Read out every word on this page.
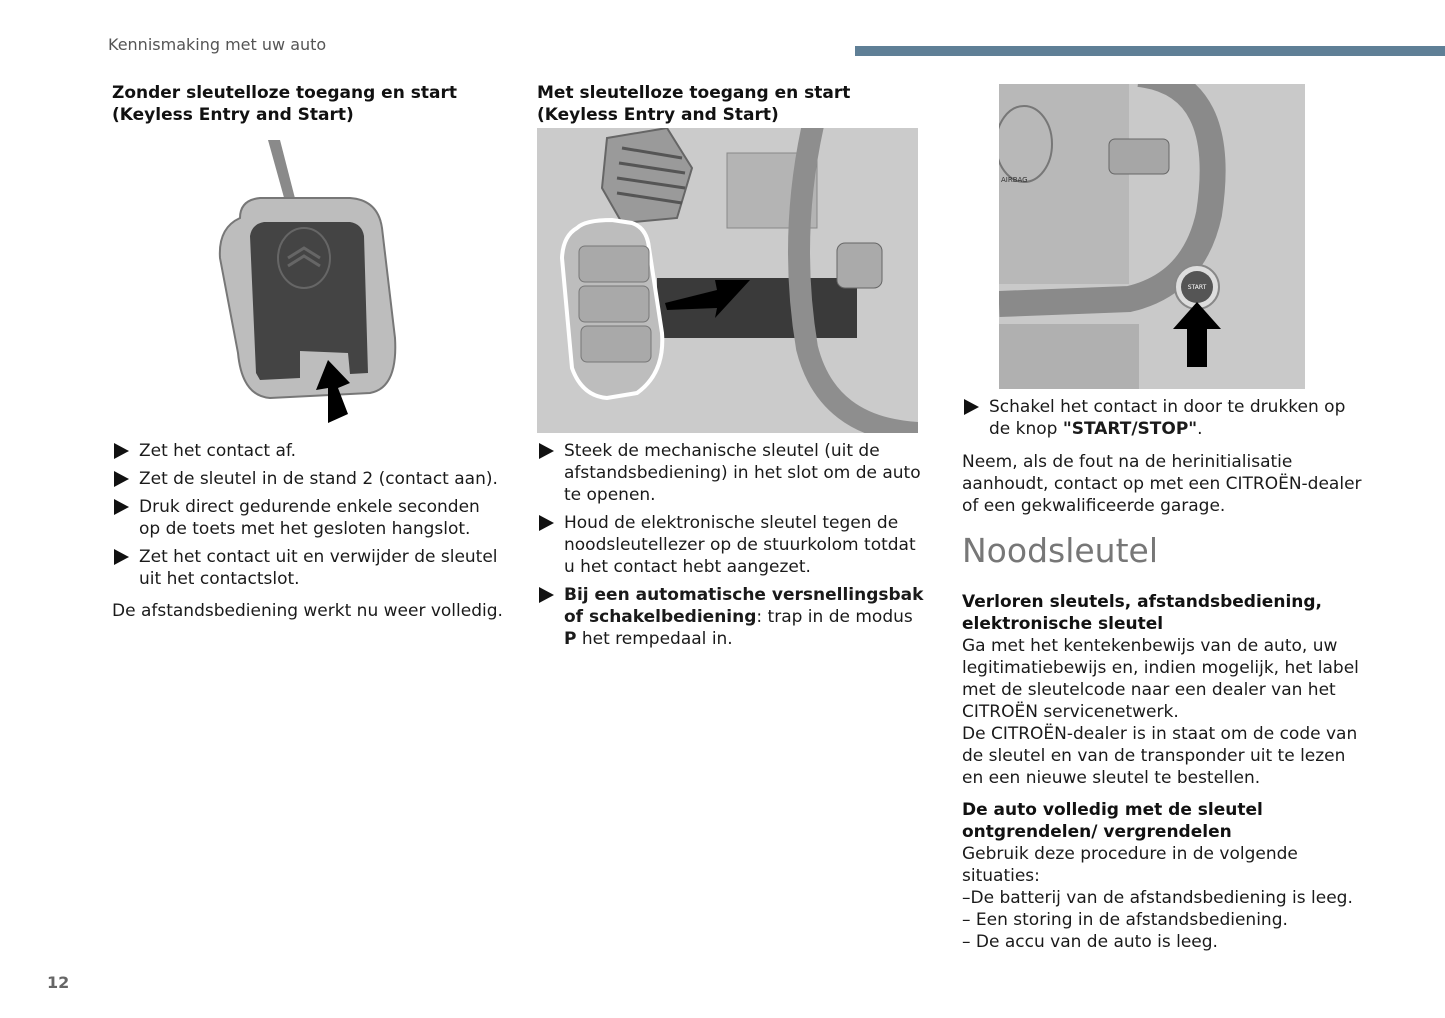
Kennismaking met uw auto
Zonder sleutelloze toegang en start (Keyless Entry and Start)
Zet het contact af.
Zet de sleutel in de stand 2 (contact aan).
Druk direct gedurende enkele seconden op de toets met het gesloten hangslot.
Zet het contact uit en verwijder de sleutel uit het contactslot.

De afstandsbediening werkt nu weer volledig.

Met sleutelloze toegang en start (Keyless Entry and Start)
Steek de mechanische sleutel (uit de afstandsbediening) in het slot om de auto te openen.
Houd de elektronische sleutel tegen de noodsleutellezer op de stuurkolom totdat u het contact hebt aangezet.
Bij een automatische versnellingsbak of schakelbediening: trap in de modus P het rempedaal in.
AIRBAG
START
Schakel het contact in door te drukken op de knop "START/STOP".

Neem, als de fout na de herinitialisatie aanhoudt, contact op met een CITROËN-dealer of een gekwalificeerde garage.

Noodsleutel
Verloren sleutels, afstandsbediening, elektronische sleutel

Ga met het kentekenbewijs van de auto, uw legitimatiebewijs en, indien mogelijk, het label met de sleutelcode naar een dealer van het CITROËN servicenetwerk.

De CITROËN-dealer is in staat om de code van de sleutel en van de transponder uit te lezen en een nieuwe sleutel te bestellen.

De auto volledig met de sleutel ontgrendelen/ vergrendelen

Gebruik deze procedure in de volgende situaties:

–De batterij van de afstandsbediening is leeg.

– Een storing in de afstandsbediening.

– De accu van de auto is leeg.

12
